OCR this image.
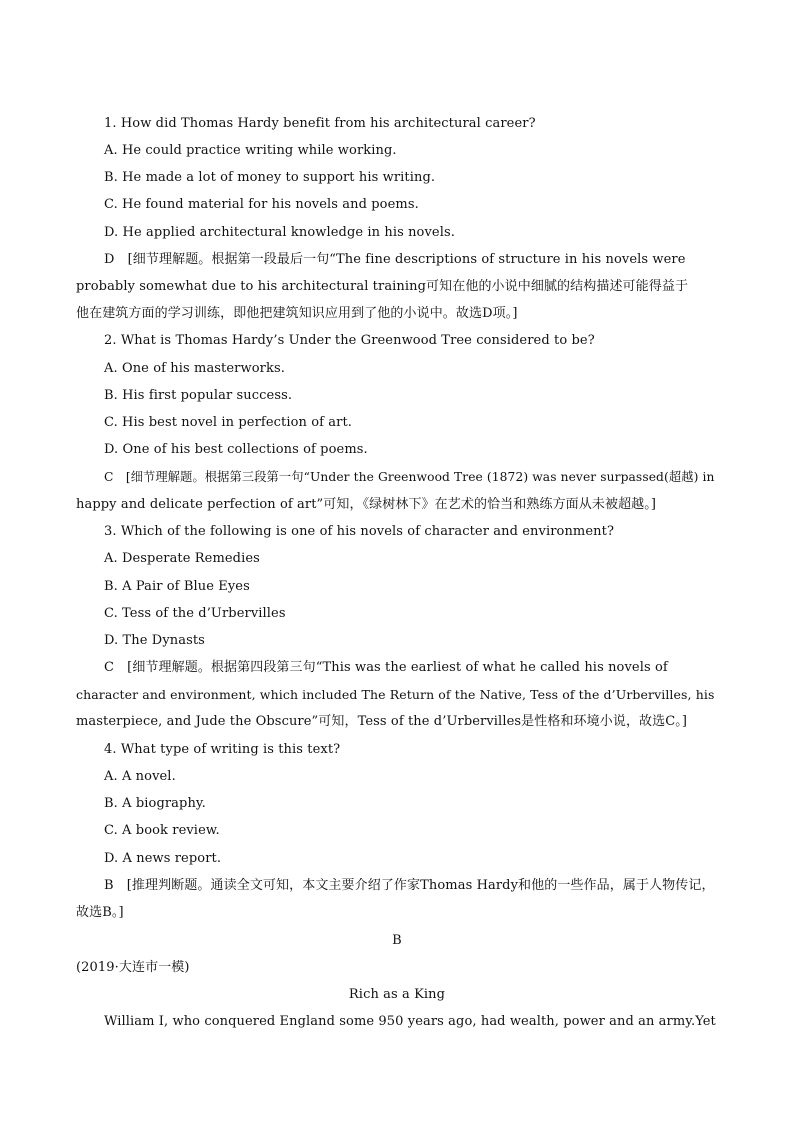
1. How did Thomas Hardy benefit from his architectural career?
A. He could practice writing while working.
B. He made a lot of money to support his writing.
C. He found material for his novels and poems.
D. He applied architectural knowledge in his novels.
D　[细节理解题。根据第一段最后一句“The fine descriptions of structure in his novels were
probably somewhat due to his architectural training可知在他的小说中细腻的结构描述可能得益于
他在建筑方面的学习训练，即他把建筑知识应用到了他的小说中。故选D项。]
2. What is Thomas Hardy’s Under the Greenwood Tree considered to be?
A. One of his masterworks.
B. His first popular success.
C. His best novel in perfection of art.
D. One of his best collections of poems.
C　[细节理解题。根据第三段第一句“Under the Greenwood Tree (1872) was never surpassed(超越) in
happy and delicate perfection of art”可知，《绿树林下》在艺术的恰当和熟练方面从未被超越。]
3. Which of the following is one of his novels of character and environment?
A. Desperate Remedies
B. A Pair of Blue Eyes
C. Tess of the d’Urbervilles
D. The Dynasts
C　[细节理解题。根据第四段第三句“This was the earliest of what he called his novels of
character and environment, which included The Return of the Native, Tess of the d’Urbervilles, his
masterpiece, and Jude the Obscure”可知，Tess of the d’Urbervilles是性格和环境小说，故选C。]
4. What type of writing is this text?
A. A novel.
B. A biography.
C. A book review.
D. A news report.
B　[推理判断题。通读全文可知，本文主要介绍了作家Thomas Hardy和他的一些作品，属于人物传记，
故选B。]
B
(2019·大连市一模)
Rich as a King
William Ⅰ, who conquered England some 950 years ago, had wealth, power and an army.Yet
